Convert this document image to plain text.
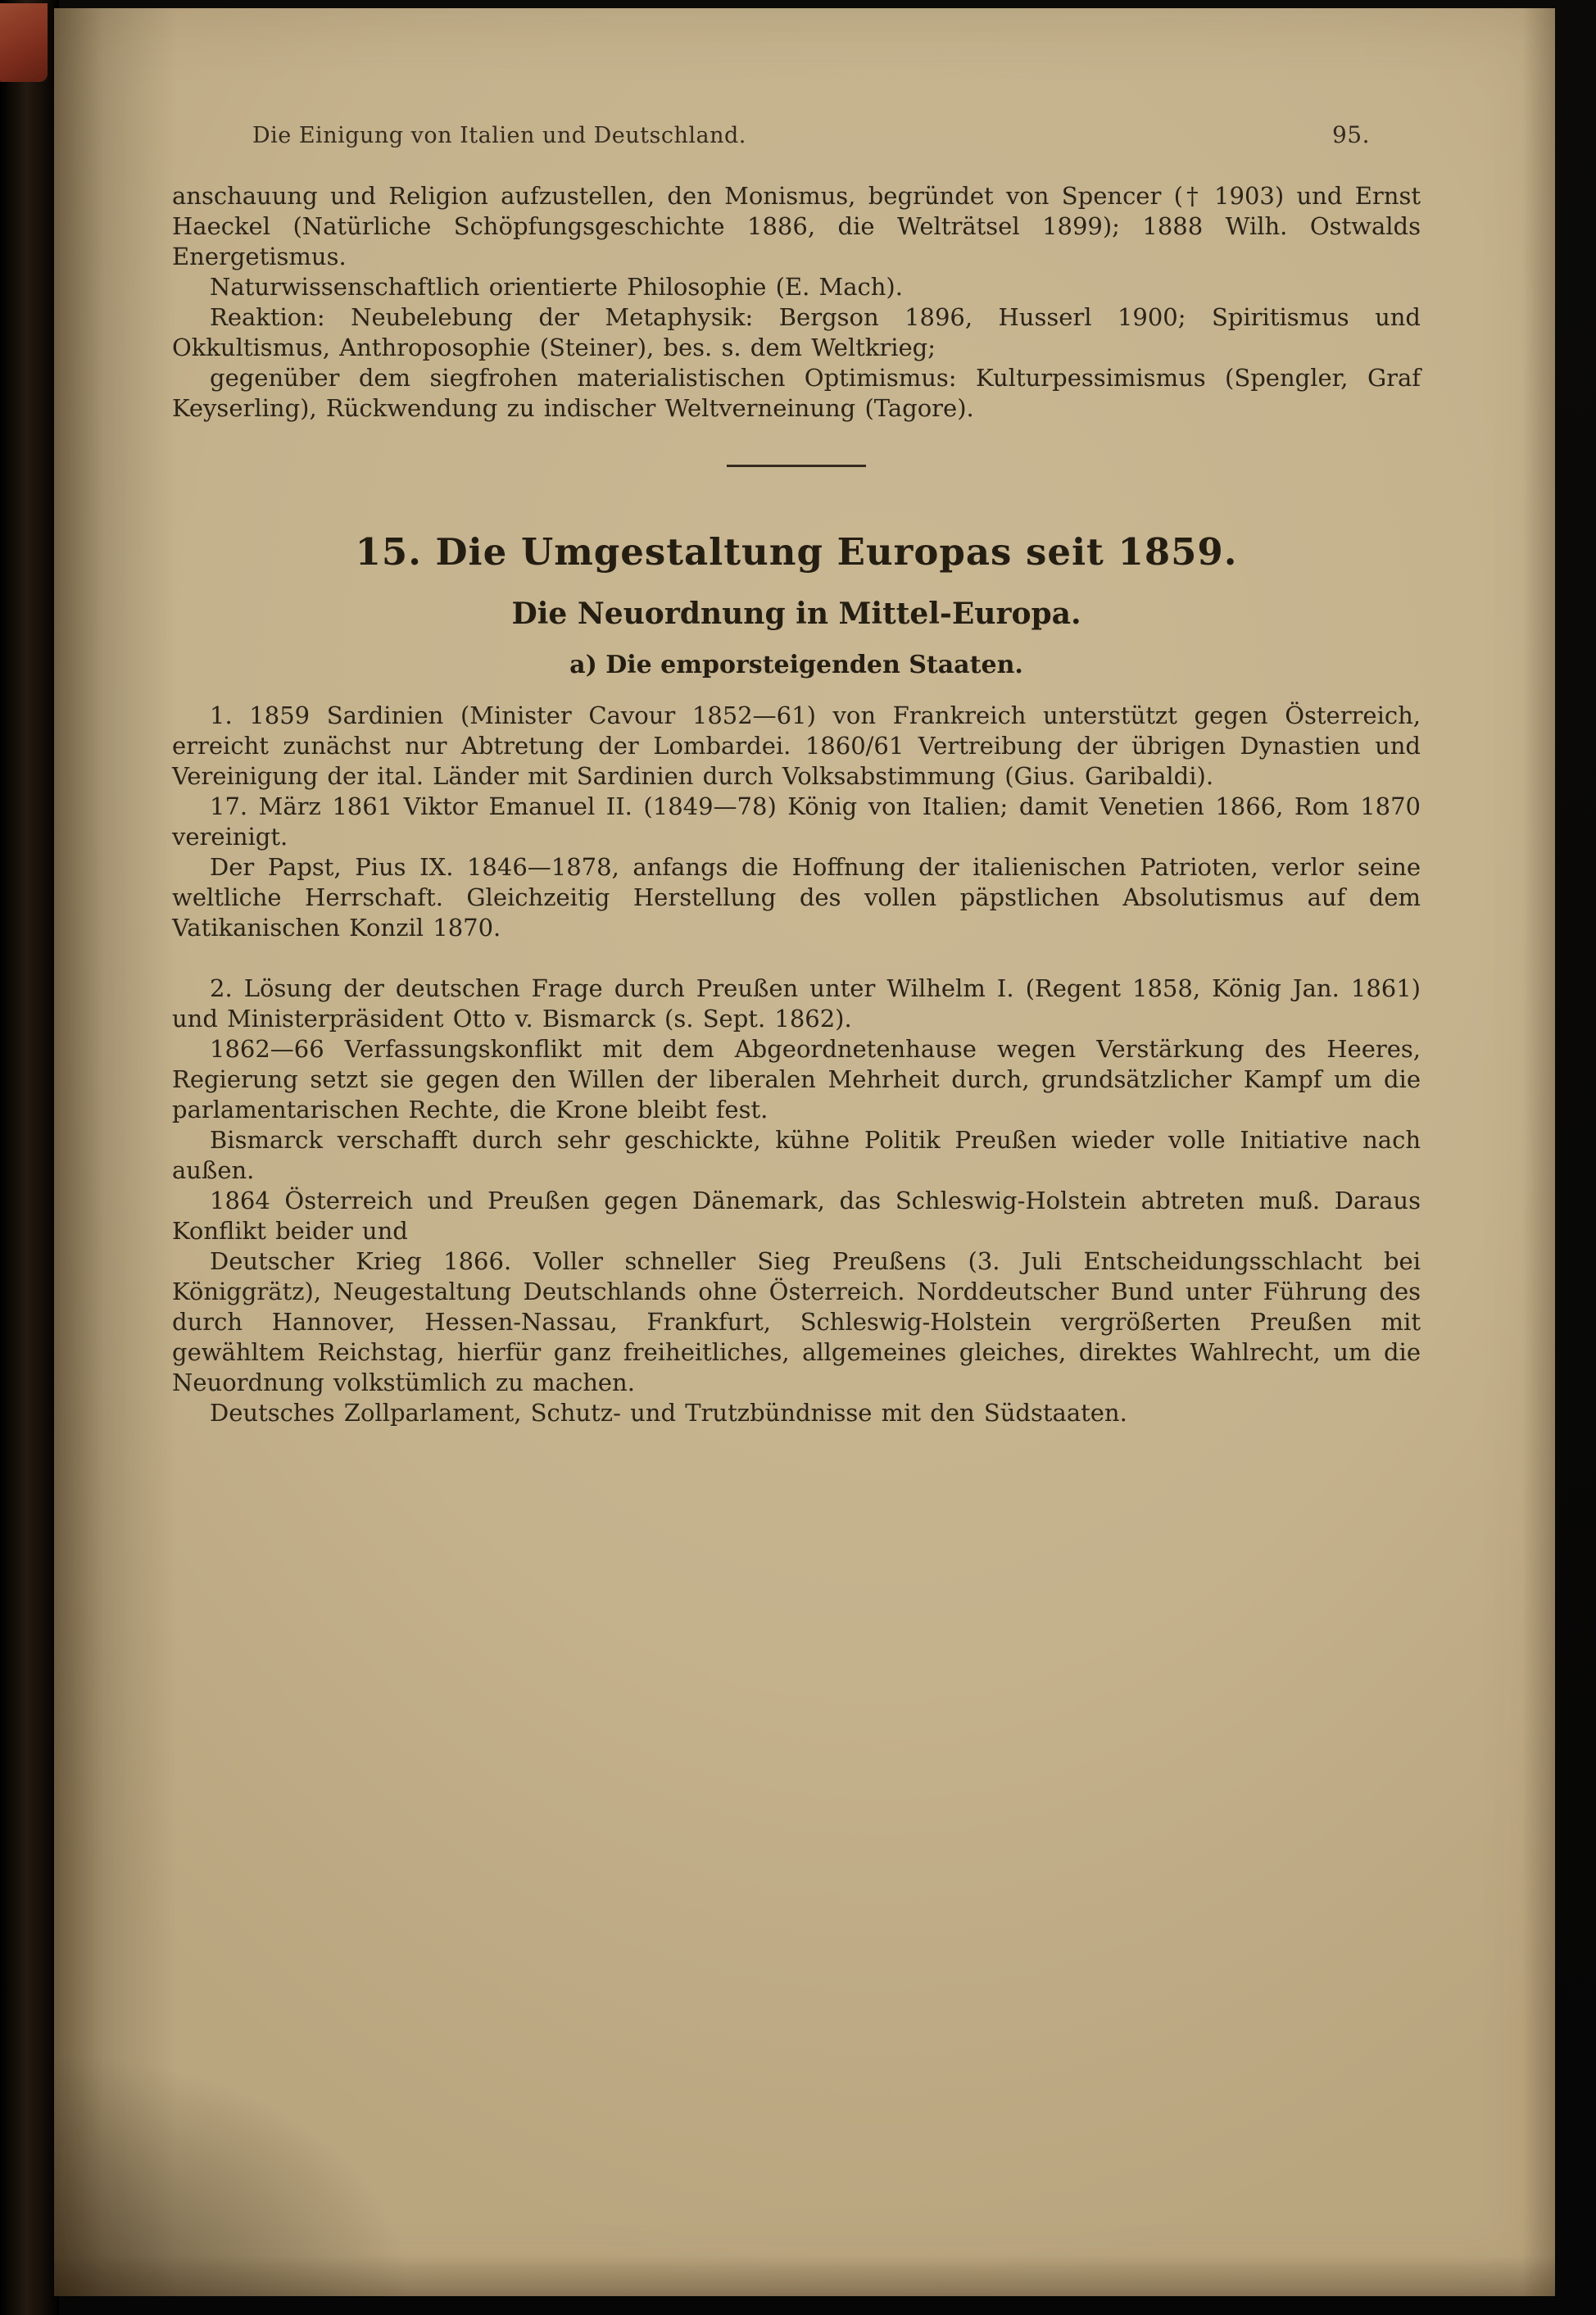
Die Einigung von Italien und Deutschland.	95.

anschauung und Religion aufzustellen, den Monismus, begründet von Spencer († 1903) und Ernst Haeckel (Natürliche Schöpfungsgeschichte 1886, die Welträtsel 1899); 1888 Wilh. Ostwalds Energetismus.

Naturwissenschaftlich orientierte Philosophie (E. Mach).

Reaktion: Neubelebung der Metaphysik: Bergson 1896, Husserl 1900; Spiritismus und Okkultismus, Anthroposophie (Steiner), bes. s. dem Weltkrieg;

gegenüber dem siegfrohen materialistischen Optimismus: Kulturpessimismus (Spengler, Graf Keyserling), Rückwendung zu indischer Weltverneinung (Tagore).

15. Die Umgestaltung Europas seit 1859.
Die Neuordnung in Mittel-Europa.
a) Die emporsteigenden Staaten.

1. 1859 Sardinien (Minister Cavour 1852—61) von Frankreich unterstützt gegen Österreich, erreicht zunächst nur Abtretung der Lombardei. 1860/61 Vertreibung der übrigen Dynastien und Vereinigung der ital. Länder mit Sardinien durch Volksabstimmung (Gius. Garibaldi).

17. März 1861 Viktor Emanuel II. (1849—78) König von Italien; damit Venetien 1866, Rom 1870 vereinigt.

Der Papst, Pius IX. 1846—1878, anfangs die Hoffnung der italienischen Patrioten, verlor seine weltliche Herrschaft. Gleichzeitig Herstellung des vollen päpstlichen Absolutismus auf dem Vatikanischen Konzil 1870.

2. Lösung der deutschen Frage durch Preußen unter Wilhelm I. (Regent 1858, König Jan. 1861) und Ministerpräsident Otto v. Bismarck (s. Sept. 1862).

1862—66 Verfassungskonflikt mit dem Abgeordnetenhause wegen Verstärkung des Heeres, Regierung setzt sie gegen den Willen der liberalen Mehrheit durch, grundsätzlicher Kampf um die parlamentarischen Rechte, die Krone bleibt fest.

Bismarck verschafft durch sehr geschickte, kühne Politik Preußen wieder volle Initiative nach außen.

1864 Österreich und Preußen gegen Dänemark, das Schleswig-Holstein abtreten muß. Daraus Konflikt beider und

Deutscher Krieg 1866. Voller schneller Sieg Preußens (3. Juli Entscheidungsschlacht bei Königgrätz), Neugestaltung Deutschlands ohne Österreich. Norddeutscher Bund unter Führung des durch Hannover, Hessen-Nassau, Frankfurt, Schleswig-Holstein vergrößerten Preußen mit gewähltem Reichstag, hierfür ganz freiheitliches, allgemeines gleiches, direktes Wahlrecht, um die Neuordnung volkstümlich zu machen.

Deutsches Zollparlament, Schutz- und Trutzbündnisse mit den Südstaaten.
